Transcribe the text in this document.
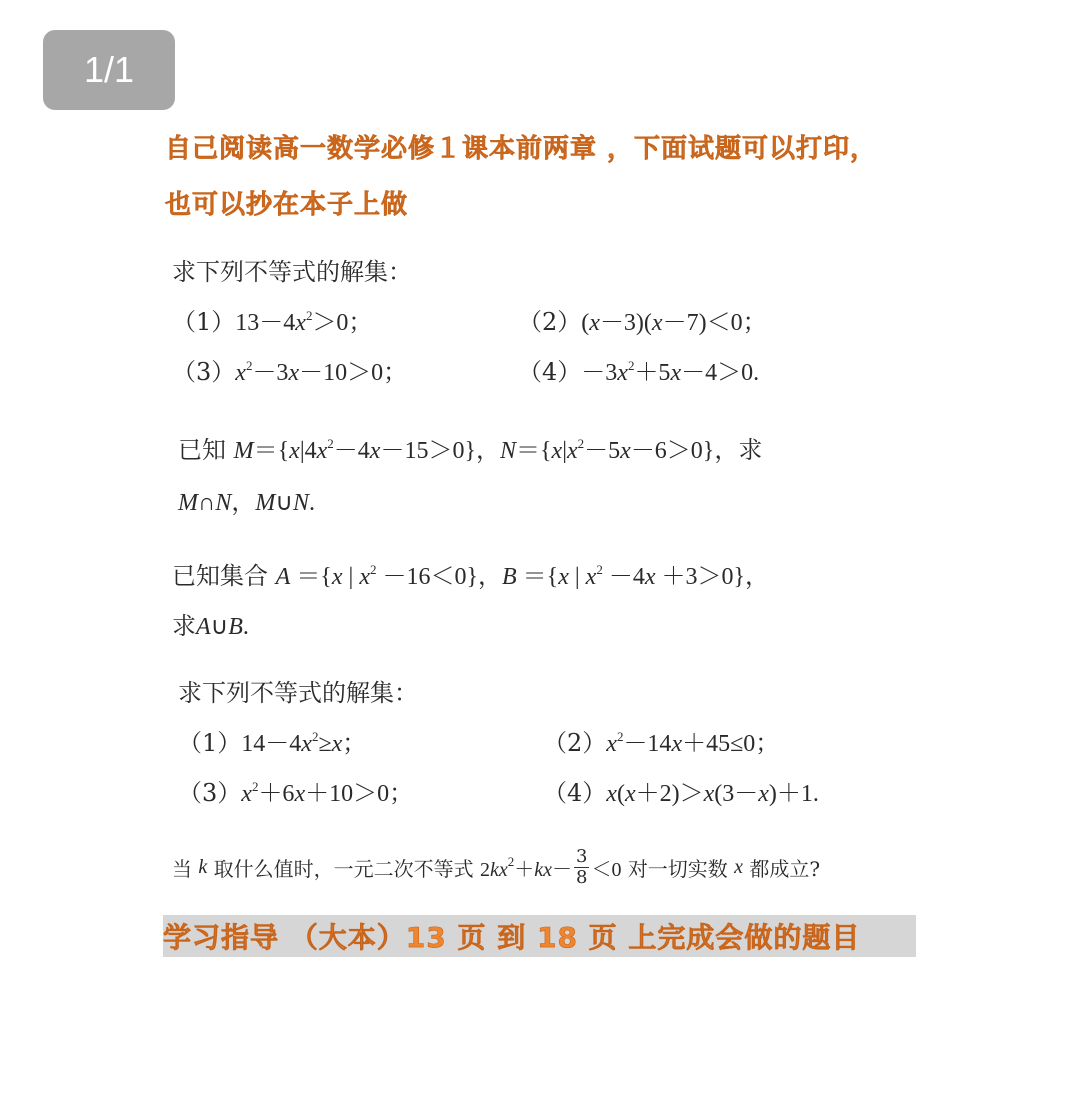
1/1
自己阅读高一数学必修１课本前两章 ，下面试题可以打印，
也可以抄在本子上做
求下列不等式的解集：
$(1)13-4x^2>0$；	（2）(x－3)(x－7)＜0；
$(3)x^2-3x-10>0$；	$(4)-3x^2+5x-4>0$.
已知 $M=\{x|4x^2-4x-15>0\}$，$N=\{x|x^2-5x-6>0\}$，求
M∩N，M∪N.
已知集合 A ＝{x | $x^2 -16<0$}，B ＝{x | $x^2 -4x +3>0$}，
求A∪B.
求下列不等式的解集：
$(1)14-4x^2\ge x$；	$(2)x^2-14x+45\le 0$；
$(3)x^2+6x+10>0$；	（4）x(x＋2)＞x(3－x)＋1.
当
k
取什么值时，一元二次不等式
$2kx^2+kx- \frac{3}{8} <0$
对一切实数
x
都成立?
学习指导 （大本）13 页 到 18 页 上完成会做的题目
